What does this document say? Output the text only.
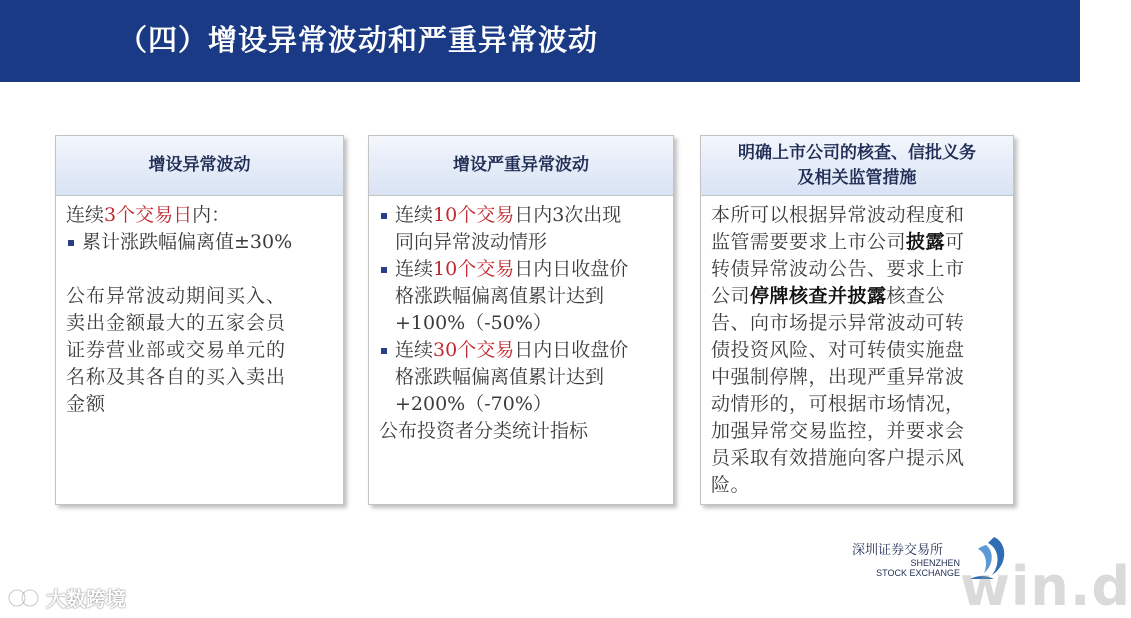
（四）增设异常波动和严重异常波动
增设异常波动
连续3个交易日内：
累计涨跌幅偏离值±30%
公布异常波动期间买入、
卖出金额最大的五家会员
证券营业部或交易单元的
名称及其各自的买入卖出
金额
增设严重异常波动
连续10个交易日内3次出现
同向异常波动情形
连续10个交易日内日收盘价
格涨跌幅偏离值累计达到
+100%（-50%）
连续30个交易日内日收盘价
格涨跌幅偏离值累计达到
+200%（-70%）
公布投资者分类统计指标
明确上市公司的核查、信批义务
及相关监管措施
本所可以根据异常波动程度和
监管需要要求上市公司披露可
转债异常波动公告、要求上市
公司停牌核查并披露核查公
告、向市场提示异常波动可转
债投资风险、对可转债实施盘
中强制停牌，出现严重异常波
动情形的，可根据市场情况，
加强异常交易监控，并要求会
员采取有效措施向客户提示风
险。
深圳证券交易所
SHENZHEN
STOCK EXCHANGE win.d
大数跨境
